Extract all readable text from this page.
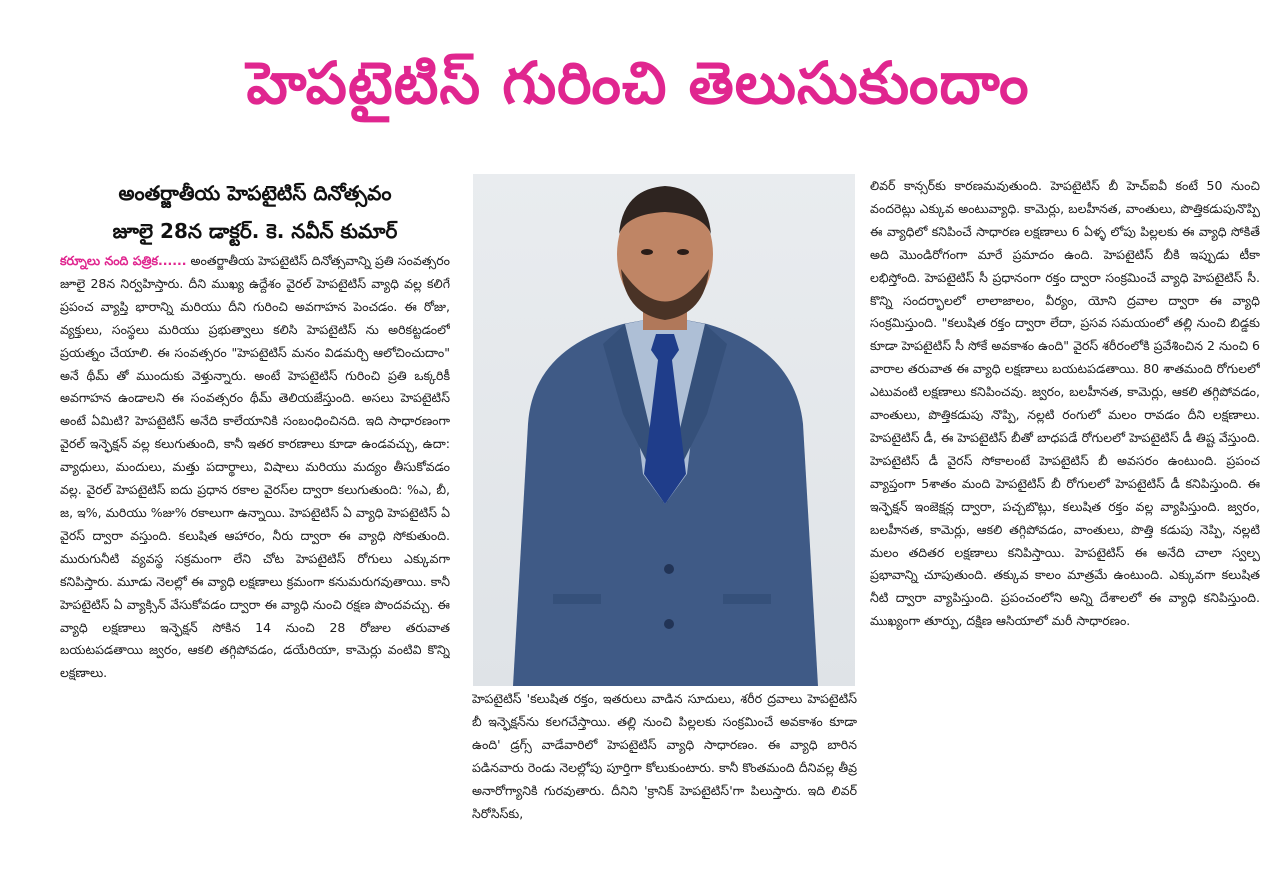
హెపటైటిస్ గురించి తెలుసుకుందాం
అంతర్జాతీయ హెపటైటిస్ దినోత్సవం
జూలై 28న డాక్టర్. కె. నవీన్ కుమార్
కర్నూలు నంది పత్రిక...... అంతర్జాతీయ హెపటైటిస్ దినోత్సవాన్ని ప్రతి సంవత్సరం జూలై 28న నిర్వహిస్తారు. దీని ముఖ్య ఉద్దేశం వైరల్ హెపటైటిస్ వ్యాధి వల్ల కలిగే ప్రపంచ వ్యాప్తి భారాన్ని మరియు దీని గురించి అవగాహన పెంచడం. ఈ రోజు, వ్యక్తులు, సంస్థలు మరియు ప్రభుత్వాలు కలిసి హెపటైటిస్ ను అరికట్టడంలో ప్రయత్నం చేయాలి. ఈ సంవత్సరం "హెపటైటిస్ మనం విడమర్చి ఆలోచించుదాం" అనే థీమ్ తో ముందుకు వెళ్తున్నారు. అంటే హెపటైటిస్ గురించి ప్రతి ఒక్కరికీ అవగాహన ఉండాలని ఈ సంవత్సరం థీమ్ తెలియజేస్తుంది. అసలు హెపటైటిస్ అంటే ఏమిటి? హెపటైటిస్ అనేది కాలేయానికి సంబంధించినది. ఇది సాధారణంగా వైరల్ ఇన్ఫెక్షన్ వల్ల కలుగుతుంది, కానీ ఇతర కారణాలు కూడా ఉండవచ్చు, ఉదా: వ్యాధులు, మందులు, మత్తు పదార్థాలు, విషాలు మరియు మద్యం తీసుకోవడం వల్ల. వైరల్ హెపటైటిస్ ఐదు ప్రధాన రకాల వైరస్‌ల ద్వారా కలుగుతుంది: %ఎ, బీ, జ, ఇ%, మరియు %జు% రకాలుగా ఉన్నాయి. హెపటైటిస్ ఏ వ్యాధి హెపటైటిస్ ఏ వైరస్ ద్వారా వస్తుంది. కలుషిత ఆహారం, నీరు ద్వారా ఈ వ్యాధి సోకుతుంది. మురుగునీటి వ్యవస్థ సక్రమంగా లేని చోట హెపటైటిస్ రోగులు ఎక్కువగా కనిపిస్తారు. మూడు నెలల్లో ఈ వ్యాధి లక్షణాలు క్రమంగా కనుమరుగవుతాయి. కానీ హెపటైటిస్ ఏ వ్యాక్సిన్ వేసుకోవడం ద్వారా ఈ వ్యాధి నుంచి రక్షణ పొందవచ్చు. ఈ వ్యాధి లక్షణాలు ఇన్ఫెక్షన్ సోకిన 14 నుంచి 28 రోజుల తరువాత బయటపడతాయి జ్వరం, ఆకలి తగ్గిపోవడం, డయేరియా, కామెర్లు వంటివి కొన్ని లక్షణాలు.
హెపటైటిస్ 'కలుషిత రక్తం, ఇతరులు వాడిన సూదులు, శరీర ద్రవాలు హెపటైటిస్ బీ ఇన్ఫెక్షన్‌ను కలగచేస్తాయి. తల్లి నుంచి పిల్లలకు సంక్రమించే అవకాశం కూడా ఉంది' డ్రగ్స్ వాడేవారిలో హెపటైటిస్ వ్యాధి సాధారణం. ఈ వ్యాధి బారిన పడినవారు రెండు నెలల్లోపు పూర్తిగా కోలుకుంటారు. కానీ కొంతమంది దీనివల్ల తీవ్ర అనారోగ్యానికి గురవుతారు. దీనిని 'క్రానిక్ హెపటైటిస్'గా పిలుస్తారు. ఇది లివర్ సిరోసిస్‌కు,
లివర్ కాన్సర్‌కు కారణమవుతుంది. హెపటైటిస్ బీ హెచ్ఐవీ కంటే 50 నుంచి వందరెట్లు ఎక్కువ అంటువ్యాధి. కామెర్లు, బలహీనత, వాంతులు, పొత్తికడుపునొప్పి ఈ వ్యాధిలో కనిపించే సాధారణ లక్షణాలు 6 ఏళ్ళ లోపు పిల్లలకు ఈ వ్యాధి సోకితే అది మొండిరోగంగా మారే ప్రమాదం ఉంది. హెపటైటిస్ బీకి ఇప్పుడు టీకా లభిస్తోంది. హెపటైటిస్ సీ ప్రధానంగా రక్తం ద్వారా సంక్రమించే వ్యాధి హెపటైటిస్ సీ. కొన్ని సందర్భాలలో లాలాజాలం, వీర్యం, యోని ద్రవాల ద్వారా ఈ వ్యాధి సంక్రమిస్తుంది. "కలుషిత రక్తం ద్వారా లేదా, ప్రసవ సమయంలో తల్లి నుంచి బిడ్డకు కూడా హెపటైటిస్ సీ సోకే అవకాశం ఉంది" వైరస్ శరీరంలోకి ప్రవేశించిన 2 నుంచి 6 వారాల తరువాత ఈ వ్యాధి లక్షణాలు బయటపడతాయి. 80 శాతమంది రోగులలో ఎటువంటి లక్షణాలు కనిపించవు. జ్వరం, బలహీనత, కామెర్లు, ఆకలి తగ్గిపోవడం, వాంతులు, పొత్తికడుపు నొప్పి, నల్లటి రంగులో మలం రావడం దీని లక్షణాలు. హెపటైటిస్ డీ, ఈ హెపటైటిస్ బీతో బాధపడే రోగులలో హెపటైటిస్ డీ తిష్ట వేస్తుంది. హెపటైటిస్ డీ వైరస్ సోకాలంటే హెపటైటిస్ బీ అవసరం ఉంటుంది. ప్రపంచ వ్యాప్తంగా 5శాతం మంది హెపటైటిస్ బీ రోగులలో హెపటైటిస్ డీ కనిపిస్తుంది. ఈ ఇన్ఫెక్షన్ ఇంజెక్షన్ల ద్వారా, పచ్చబొట్లు, కలుషిత రక్తం వల్ల వ్యాపిస్తుంది. జ్వరం, బలహీనత, కామెర్లు, ఆకలి తగ్గిపోవడం, వాంతులు, పొత్తి కడుపు నెప్పి, నల్లటి మలం తదితర లక్షణాలు కనిపిస్తాయి. హెపటైటిస్ ఈ అనేది చాలా స్వల్ప ప్రభావాన్ని చూపుతుంది. తక్కువ కాలం మాత్రమే ఉంటుంది. ఎక్కువగా కలుషిత నీటి ద్వారా వ్యాపిస్తుంది. ప్రపంచంలోని అన్ని దేశాలలో ఈ వ్యాధి కనిపిస్తుంది. ముఖ్యంగా తూర్పు, దక్షిణ ఆసియాలో మరీ సాధారణం.
